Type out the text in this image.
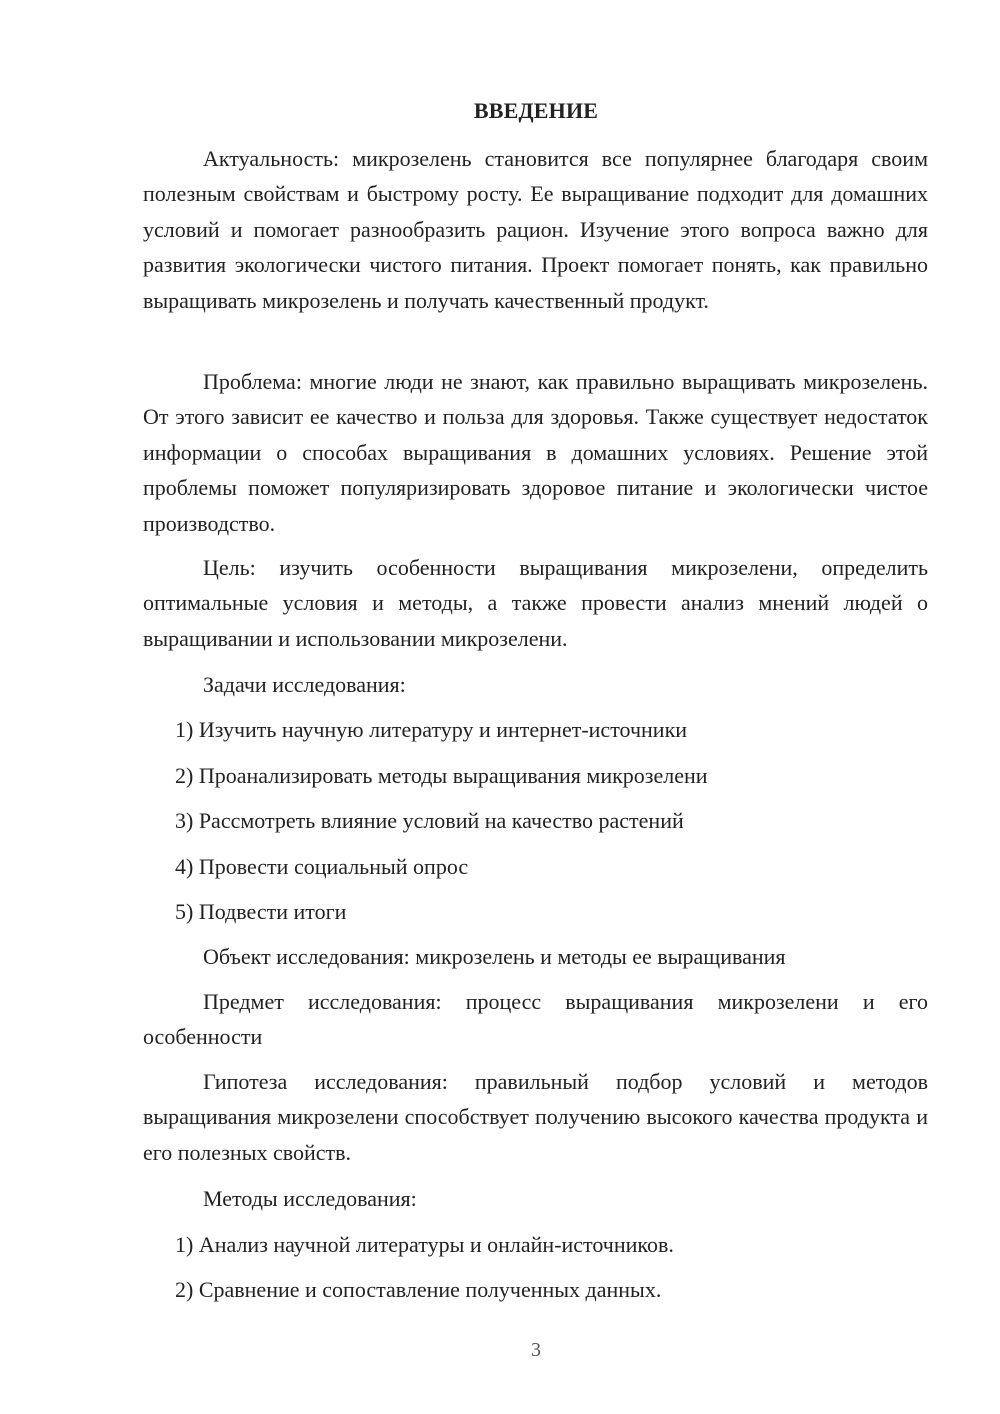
ВВЕДЕНИЕ

Актуальность: микрозелень становится все популярнее благодаря своим полезным свойствам и быстрому росту. Ее выращивание подходит для домашних условий и помогает разнообразить рацион. Изучение этого вопроса важно для развития экологически чистого питания. Проект помогает понять, как правильно выращивать микрозелень и получать качественный продукт.

Проблема: многие люди не знают, как правильно выращивать микрозелень. От этого зависит ее качество и польза для здоровья. Также существует недостаток информации о способах выращивания в домашних условиях. Решение этой проблемы поможет популяризировать здоровое питание и экологически чистое производство.

Цель: изучить особенности выращивания микрозелени, определить оптимальные условия и методы, а также провести анализ мнений людей о выращивании и использовании микрозелени.

Задачи исследования:
1) Изучить научную литературу и интернет-источники
2) Проанализировать методы выращивания микрозелени
3) Рассмотреть влияние условий на качество растений
4) Провести социальный опрос
5) Подвести итоги
Объект исследования: микрозелень и методы ее выращивания

Предмет исследования: процесс выращивания микрозелени и его особенности

Гипотеза исследования: правильный подбор условий и методов выращивания микрозелени способствует получению высокого качества продукта и его полезных свойств.

Методы исследования:
1) Анализ научной литературы и онлайн-источников.
2) Сравнение и сопоставление полученных данных.
3
